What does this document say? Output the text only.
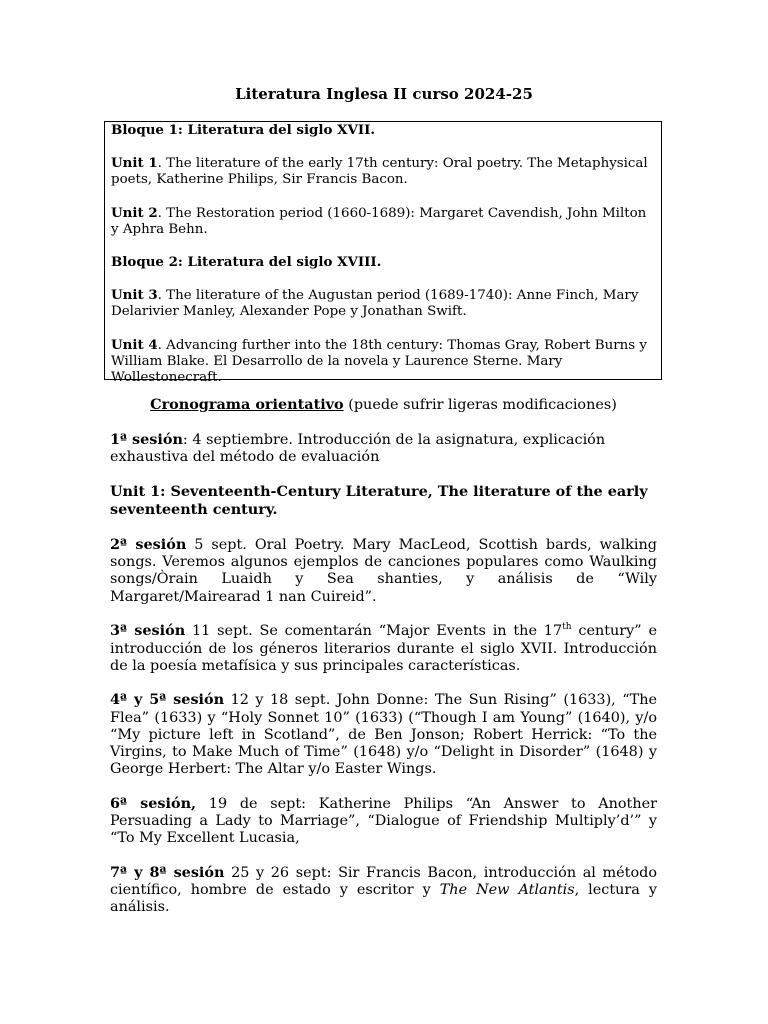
Literatura Inglesa II curso 2024-25

Bloque 1: Literatura del siglo XVII.

Unit 1. The literature of the early 17th century: Oral poetry. The Metaphysical poets, Katherine Philips, Sir Francis Bacon.

Unit 2. The Restoration period (1660-1689): Margaret Cavendish, John Milton y Aphra Behn.

Bloque 2: Literatura del siglo XVIII.

Unit 3. The literature of the Augustan period (1689-1740): Anne Finch, Mary Delarivier Manley, Alexander Pope y Jonathan Swift.

Unit 4. Advancing further into the 18th century: Thomas Gray, Robert Burns y William Blake. El Desarrollo de la novela y Laurence Sterne. Mary Wollestonecraft.

Cronograma orientativo (puede sufrir ligeras modificaciones)

1ª sesión: 4 septiembre. Introducción de la asignatura, explicación exhaustiva del método de evaluación

Unit 1: Seventeenth-Century Literature, The literature of the early seventeenth century.

2ª sesión 5 sept. Oral Poetry. Mary MacLeod, Scottish bards, walking songs. Veremos algunos ejemplos de canciones populares como Waulking songs/Òrain Luaidh y Sea shanties, y análisis de “Wily Margaret/Mairearad 1 nan Cuireid”.

3ª sesión 11 sept. Se comentarán “Major Events in the 17th century” e introducción de los géneros literarios durante el siglo XVII. Introducción de la poesía metafísica y sus principales características.

4ª y 5ª sesión 12 y 18 sept. John Donne: The Sun Rising” (1633), “The Flea” (1633) y “Holy Sonnet 10” (1633) (“Though I am Young” (1640), y/o “My picture left in Scotland”, de Ben Jonson; Robert Herrick: “To the Virgins, to Make Much of Time” (1648) y/o “Delight in Disorder” (1648) y George Herbert: The Altar y/o Easter Wings.

6ª sesión, 19 de sept: Katherine Philips “An Answer to Another Persuading a Lady to Marriage”, “Dialogue of Friendship Multiply’d’” y “To My Excellent Lucasia,

7ª y 8ª sesión 25 y 26 sept: Sir Francis Bacon, introducción al método científico, hombre de estado y escritor y The New Atlantis, lectura y análisis.
